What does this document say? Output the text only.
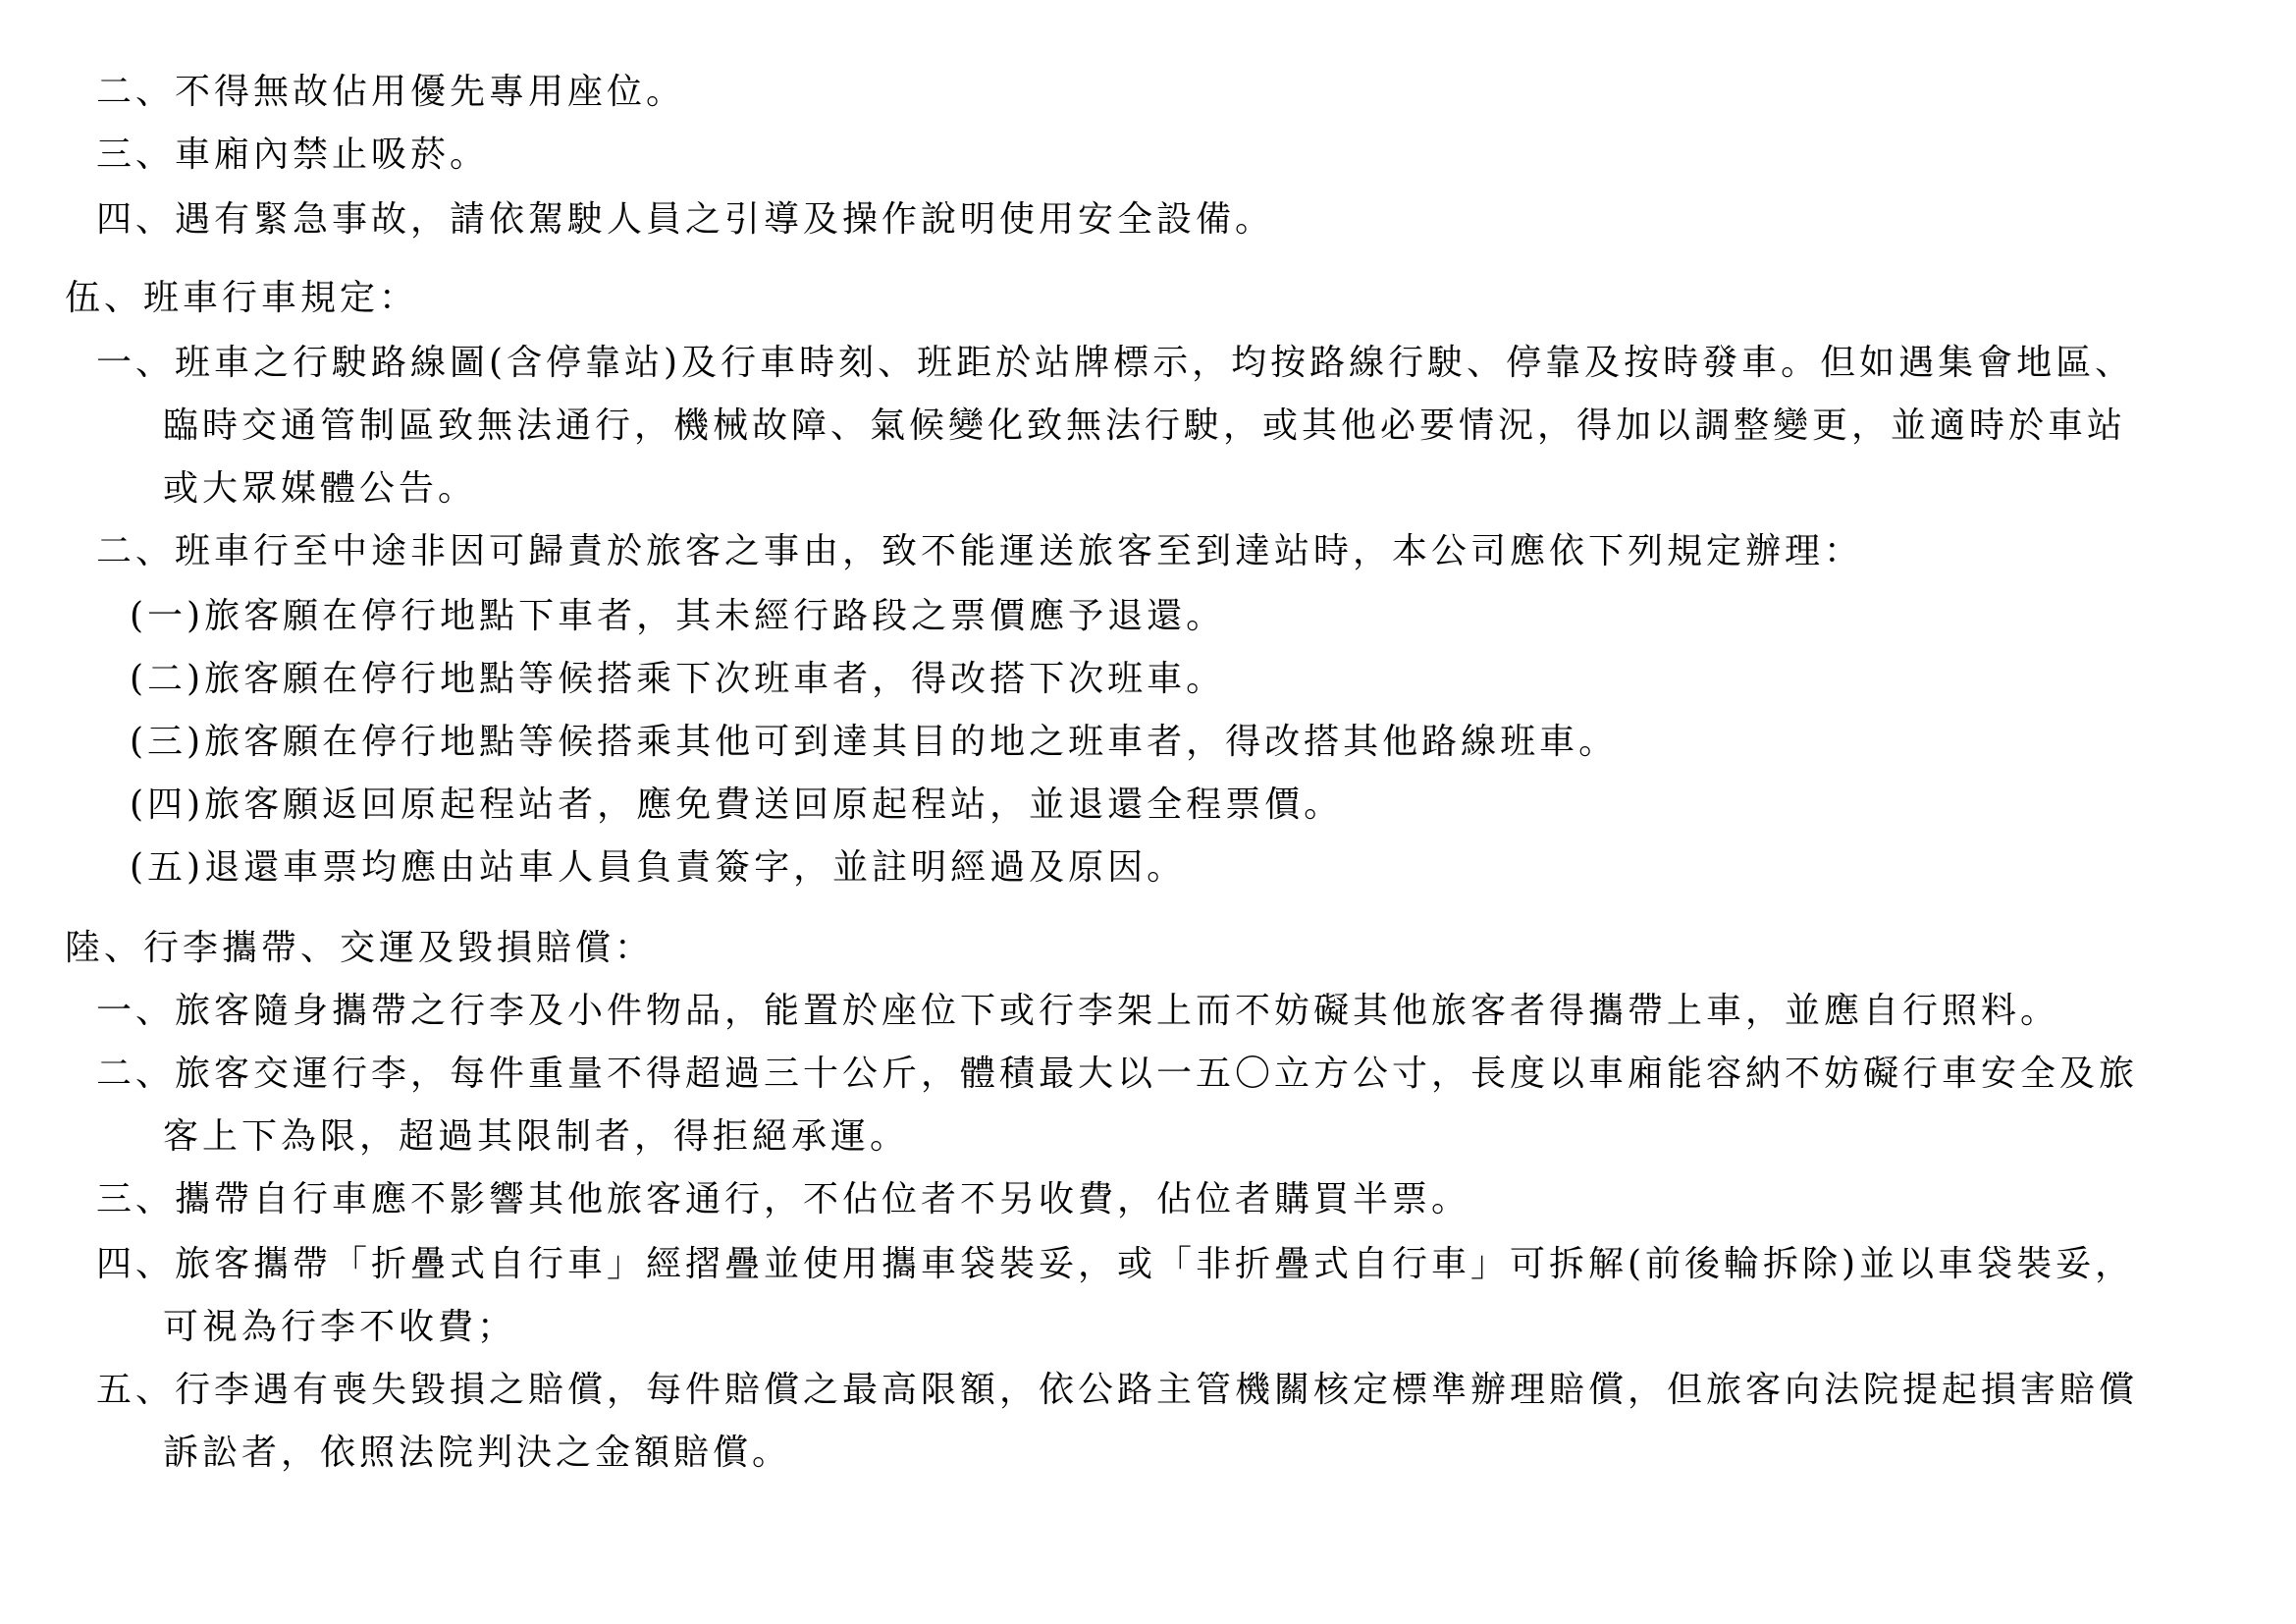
二、不得無故佔用優先專用座位。
三、車廂內禁止吸菸。
四、遇有緊急事故，請依駕駛人員之引導及操作說明使用安全設備。
伍、班車行車規定：
一、班車之行駛路線圖(含停靠站)及行車時刻、班距於站牌標示，均按路線行駛、停靠及按時發車。但如遇集會地區、
臨時交通管制區致無法通行，機械故障、氣候變化致無法行駛，或其他必要情況，得加以調整變更，並適時於車站
或大眾媒體公告。
二、班車行至中途非因可歸責於旅客之事由，致不能運送旅客至到達站時，本公司應依下列規定辦理：
(一)旅客願在停行地點下車者，其未經行路段之票價應予退還。
(二)旅客願在停行地點等候搭乘下次班車者，得改搭下次班車。
(三)旅客願在停行地點等候搭乘其他可到達其目的地之班車者，得改搭其他路線班車。
(四)旅客願返回原起程站者，應免費送回原起程站，並退還全程票價。
(五)退還車票均應由站車人員負責簽字，並註明經過及原因。
陸、行李攜帶、交運及毀損賠償：
一、旅客隨身攜帶之行李及小件物品，能置於座位下或行李架上而不妨礙其他旅客者得攜帶上車，並應自行照料。
二、旅客交運行李，每件重量不得超過三十公斤，體積最大以一五〇立方公寸，長度以車廂能容納不妨礙行車安全及旅
客上下為限，超過其限制者，得拒絕承運。
三、攜帶自行車應不影響其他旅客通行，不佔位者不另收費，佔位者購買半票。
四、旅客攜帶「折疊式自行車」經摺疊並使用攜車袋裝妥，或「非折疊式自行車」可拆解(前後輪拆除)並以車袋裝妥，
可視為行李不收費；
五、行李遇有喪失毀損之賠償，每件賠償之最高限額，依公路主管機關核定標準辦理賠償，但旅客向法院提起損害賠償
訴訟者，依照法院判決之金額賠償。
